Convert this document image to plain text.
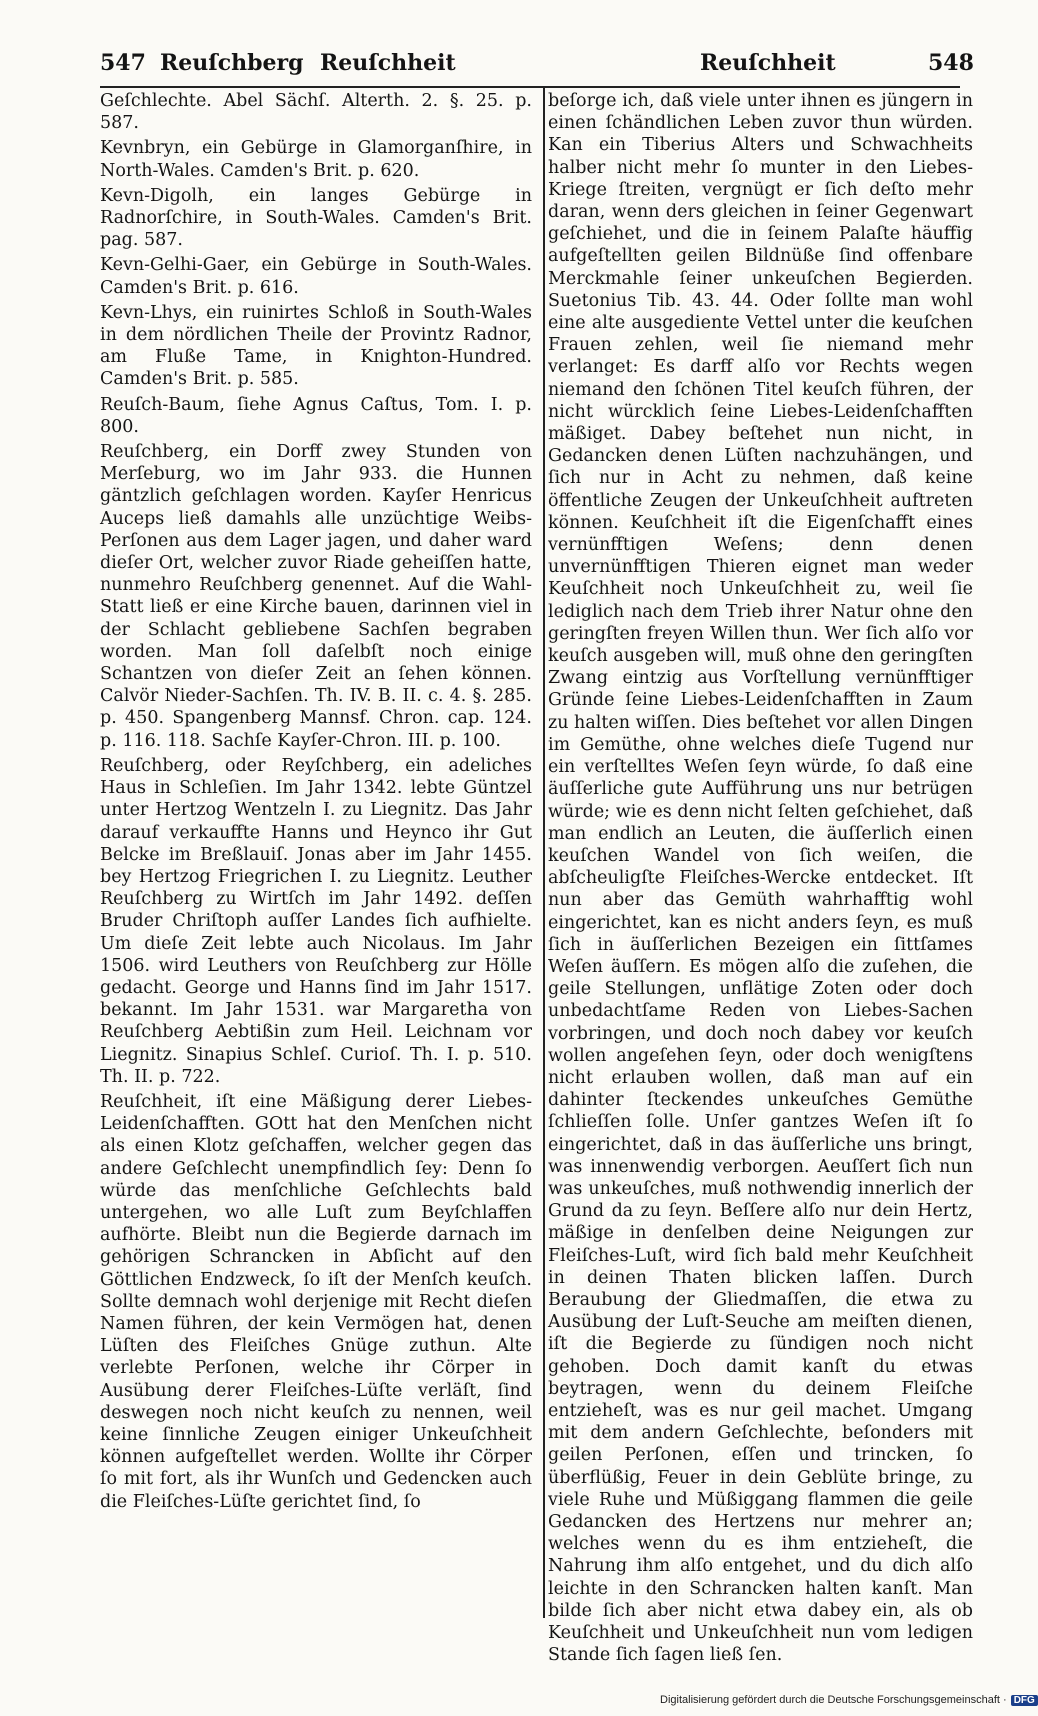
547 Reuſchberg Reuſchheit	Reuſchheit	548

Geſchlechte. Abel Sächſ. Alterth. 2. §. 25. p. 587.

Kevnbryn, ein Gebürge in Glamorganſhire, in North-Wales. Camden's Brit. p. 620.

Kevn-Digolh, ein langes Gebürge in Radnorſchire, in South-Wales. Camden's Brit. pag. 587.

Kevn-Gelhi-Gaer, ein Gebürge in South-Wales. Camden's Brit. p. 616.

Kevn-Lhys, ein ruinirtes Schloß in South-Wales in dem nördlichen Theile der Provintz Radnor, am Fluße Tame, in Knighton-Hundred. Camden's Brit. p. 585.

Reuſch-Baum, ſiehe Agnus Caſtus, Tom. I. p. 800.

Reuſchberg, ein Dorff zwey Stunden von Merſeburg, wo im Jahr 933. die Hunnen gäntzlich geſchlagen worden. Kayſer Henricus Auceps ließ damahls alle unzüchtige Weibs-Perſonen aus dem Lager jagen, und daher ward dieſer Ort, welcher zuvor Riade geheiſſen hatte, nunmehro Reuſchberg genennet. Auf die Wahl-Statt ließ er eine Kirche bauen, darinnen viel in der Schlacht gebliebene Sachſen begraben worden. Man ſoll daſelbſt noch einige Schantzen von dieſer Zeit an ſehen können. Calvör Nieder-Sachſen. Th. IV. B. II. c. 4. §. 285. p. 450. Spangenberg Mannsf. Chron. cap. 124. p. 116. 118. Sachſe Kayſer-Chron. III. p. 100.

Reuſchberg, oder Reyſchberg, ein adeliches Haus in Schleſien. Im Jahr 1342. lebte Güntzel unter Hertzog Wentzeln I. zu Liegnitz. Das Jahr darauf verkauffte Hanns und Heynco ihr Gut Belcke im Breßlauiſ. Jonas aber im Jahr 1455. bey Hertzog Friegrichen I. zu Liegnitz. Leuther Reuſchberg zu Wirtſch im Jahr 1492. deſſen Bruder Chriſtoph auſſer Landes ſich aufhielte. Um dieſe Zeit lebte auch Nicolaus. Im Jahr 1506. wird Leuthers von Reuſchberg zur Hölle gedacht. George und Hanns ſind im Jahr 1517. bekannt. Im Jahr 1531. war Margaretha von Reuſchberg Aebtißin zum Heil. Leichnam vor Liegnitz. Sinapius Schleſ. Curioſ. Th. I. p. 510. Th. II. p. 722.

Reuſchheit, iſt eine Mäßigung derer Liebes-Leidenſchafften. GOtt hat den Menſchen nicht als einen Klotz geſchaffen, welcher gegen das andere Geſchlecht unempfindlich ſey: Denn ſo würde das menſchliche Geſchlechts bald untergehen, wo alle Luſt zum Beyſchlaffen aufhörte. Bleibt nun die Begierde darnach im gehörigen Schrancken in Abſicht auf den Göttlichen Endzweck, ſo iſt der Menſch keuſch. Sollte demnach wohl derjenige mit Recht dieſen Namen führen, der kein Vermögen hat, denen Lüſten des Fleiſches Gnüge zuthun. Alte verlebte Perſonen, welche ihr Cörper in Ausübung derer Fleiſches-Lüſte verläſt, ſind deswegen noch nicht keuſch zu nennen, weil keine ſinnliche Zeugen einiger Unkeuſchheit können aufgeſtellet werden. Wollte ihr Cörper ſo mit fort, als ihr Wunſch und Gedencken auch die Fleiſches-Lüſte gerichtet ſind, ſo

beſorge ich, daß viele unter ihnen es jüngern in einen ſchändlichen Leben zuvor thun würden. Kan ein Tiberius Alters und Schwachheits halber nicht mehr ſo munter in den Liebes-Kriege ſtreiten, vergnügt er ſich deſto mehr daran, wenn ders gleichen in ſeiner Gegenwart geſchiehet, und die in ſeinem Palaſte häuffig aufgeſtellten geilen Bildnüße ſind offenbare Merckmahle ſeiner unkeuſchen Begierden. Suetonius Tib. 43. 44. Oder ſollte man wohl eine alte ausgediente Vettel unter die keuſchen Frauen zehlen, weil ſie niemand mehr verlanget: Es darff alſo vor Rechts wegen niemand den ſchönen Titel keuſch führen, der nicht würcklich ſeine Liebes-Leidenſchafften mäßiget. Dabey beſtehet nun nicht, in Gedancken denen Lüſten nachzuhängen, und ſich nur in Acht zu nehmen, daß keine öffentliche Zeugen der Unkeuſchheit auftreten können. Keuſchheit iſt die Eigenſchafft eines vernünfftigen Weſens; denn denen unvernünfftigen Thieren eignet man weder Keuſchheit noch Unkeuſchheit zu, weil ſie lediglich nach dem Trieb ihrer Natur ohne den geringſten freyen Willen thun. Wer ſich alſo vor keuſch ausgeben will, muß ohne den geringſten Zwang eintzig aus Vorſtellung vernünfftiger Gründe ſeine Liebes-Leidenſchafften in Zaum zu halten wiſſen. Dies beſtehet vor allen Dingen im Gemüthe, ohne welches dieſe Tugend nur ein verſtelltes Weſen ſeyn würde, ſo daß eine äuſſerliche gute Aufführung uns nur betrügen würde; wie es denn nicht ſelten geſchiehet, daß man endlich an Leuten, die äuſſerlich einen keuſchen Wandel von ſich weiſen, die abſcheuligſte Fleiſches-Wercke entdecket. Iſt nun aber das Gemüth wahrhafftig wohl eingerichtet, kan es nicht anders ſeyn, es muß ſich in äuſſerlichen Bezeigen ein ſittſames Weſen äuſſern. Es mögen alſo die zuſehen, die geile Stellungen, unflätige Zoten oder doch unbedachtſame Reden von Liebes-Sachen vorbringen, und doch noch dabey vor keuſch wollen angeſehen ſeyn, oder doch wenigſtens nicht erlauben wollen, daß man auf ein dahinter ſteckendes unkeuſches Gemüthe ſchlieſſen ſolle. Unſer gantzes Weſen iſt ſo eingerichtet, daß in das äuſſerliche uns bringt, was innenwendig verborgen. Aeuſſert ſich nun was unkeuſches, muß nothwendig innerlich der Grund da zu ſeyn. Beſſere alſo nur dein Hertz, mäßige in denſelben deine Neigungen zur Fleiſches-Luſt, wird ſich bald mehr Keuſchheit in deinen Thaten blicken laſſen. Durch Beraubung der Gliedmaſſen, die etwa zu Ausübung der Luſt-Seuche am meiſten dienen, iſt die Begierde zu ſündigen noch nicht gehoben. Doch damit kanſt du etwas beytragen, wenn du deinem Fleiſche entzieheſt, was es nur geil machet. Umgang mit dem andern Geſchlechte, beſonders mit geilen Perſonen, eſſen und trincken, ſo überflüßig, Feuer in dein Geblüte bringe, zu viele Ruhe und Müßiggang flammen die geile Gedancken des Hertzens nur mehrer an; welches wenn du es ihm entzieheſt, die Nahrung ihm alſo entgehet, und du dich alſo leichte in den Schrancken halten kanſt. Man bilde ſich aber nicht etwa dabey ein, als ob Keuſchheit und Unkeuſchheit nun vom ledigen Stande ſich ſagen ließ ſen.

Digitalisierung gefördert durch die Deutsche Forschungsgemeinschaft · DFG
